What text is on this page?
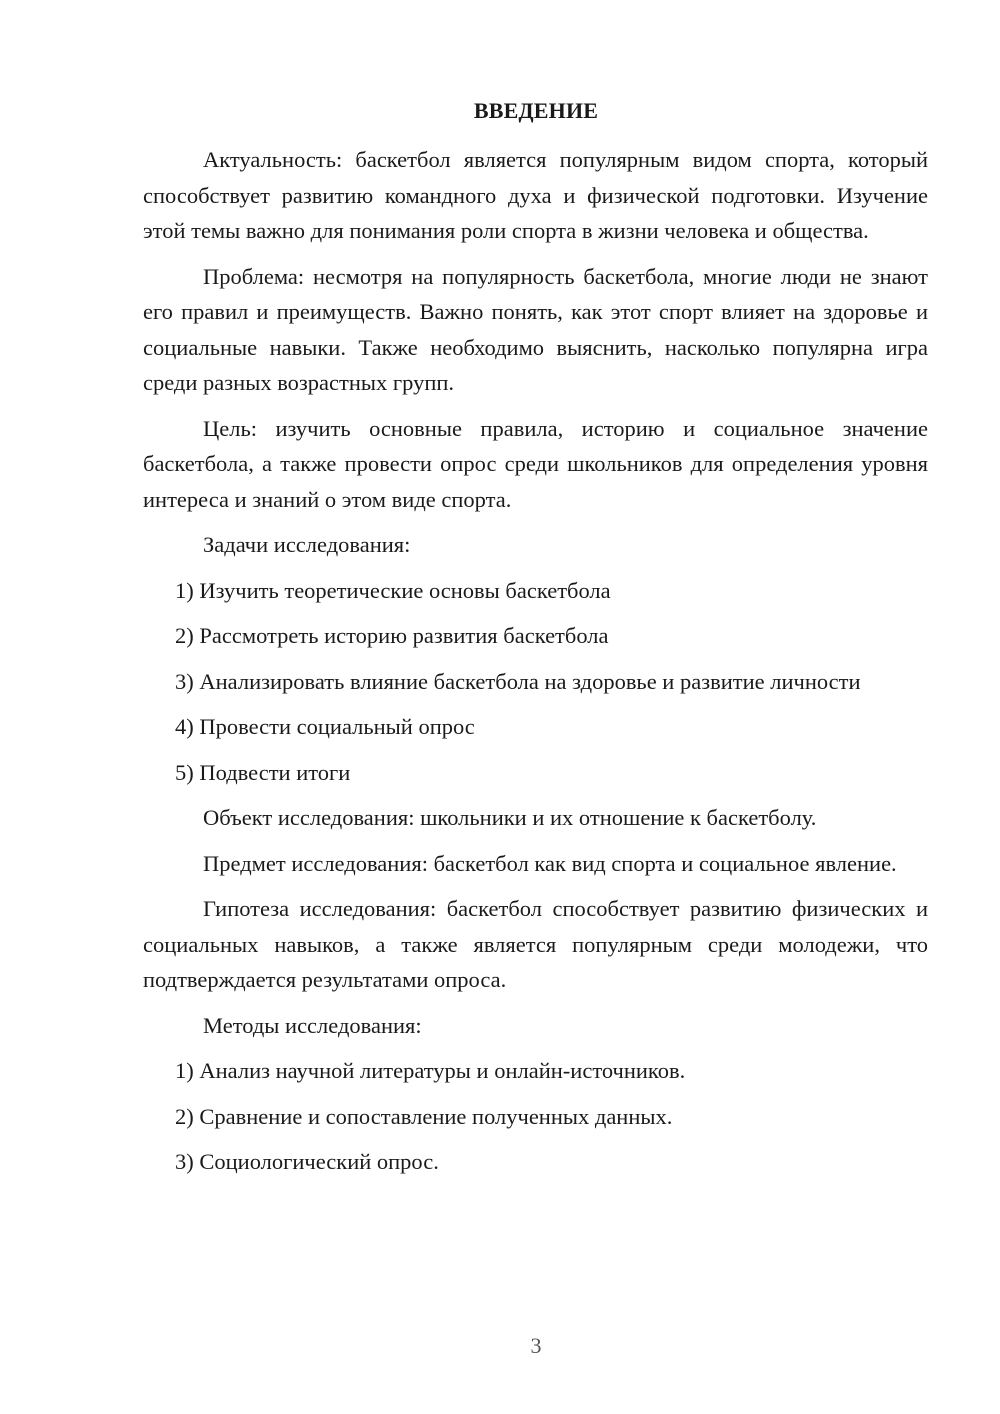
ВВЕДЕНИЕ

Актуальность: баскетбол является популярным видом спорта, который способствует развитию командного духа и физической подготовки. Изучение этой темы важно для понимания роли спорта в жизни человека и общества.

Проблема: несмотря на популярность баскетбола, многие люди не знают его правил и преимуществ. Важно понять, как этот спорт влияет на здоровье и социальные навыки. Также необходимо выяснить, насколько популярна игра среди разных возрастных групп.

Цель: изучить основные правила, историю и социальное значение баскетбола, а также провести опрос среди школьников для определения уровня интереса и знаний о этом виде спорта.

Задачи исследования:

1) Изучить теоретические основы баскетбола

2) Рассмотреть историю развития баскетбола

3) Анализировать влияние баскетбола на здоровье и развитие личности

4) Провести социальный опрос

5) Подвести итоги

Объект исследования: школьники и их отношение к баскетболу.

Предмет исследования: баскетбол как вид спорта и социальное явление.

Гипотеза исследования: баскетбол способствует развитию физических и социальных навыков, а также является популярным среди молодежи, что подтверждается результатами опроса.

Методы исследования:

1) Анализ научной литературы и онлайн-источников.

2) Сравнение и сопоставление полученных данных.

3) Социологический опрос.

3
